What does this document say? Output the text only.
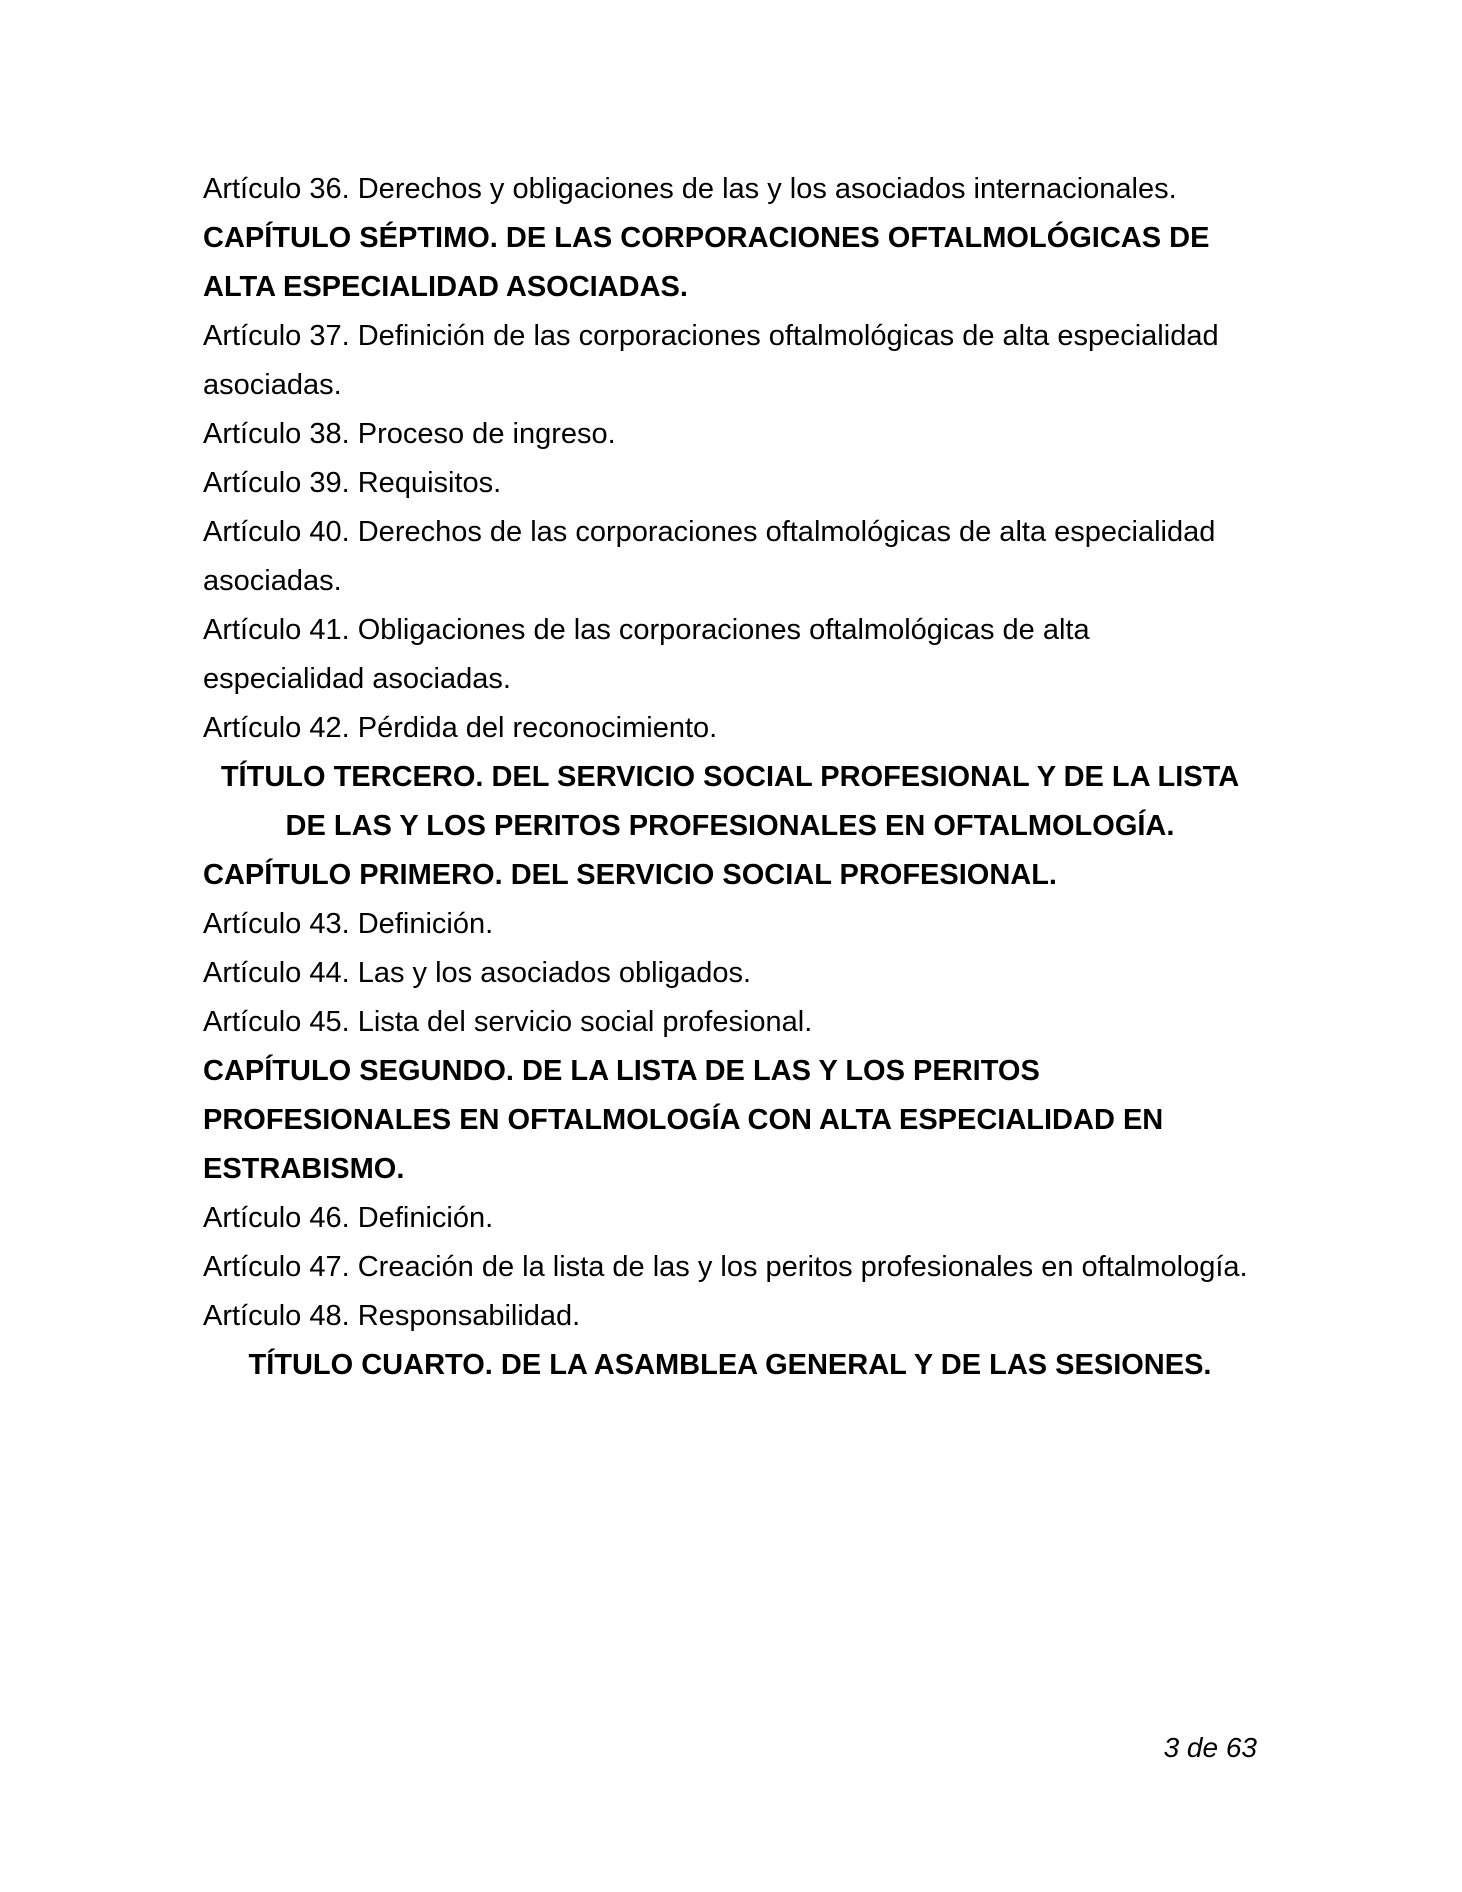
Artículo 36. Derechos y obligaciones de las y los asociados internacionales.

CAPÍTULO SÉPTIMO. DE LAS CORPORACIONES OFTALMOLÓGICAS DE ALTA ESPECIALIDAD ASOCIADAS.

Artículo 37. Definición de las corporaciones oftalmológicas de alta especialidad asociadas.

Artículo 38. Proceso de ingreso.

Artículo 39. Requisitos.

Artículo 40. Derechos de las corporaciones oftalmológicas de alta especialidad asociadas.

Artículo 41. Obligaciones de las corporaciones oftalmológicas de alta especialidad asociadas.

Artículo 42. Pérdida del reconocimiento.

TÍTULO TERCERO. DEL SERVICIO SOCIAL PROFESIONAL Y DE LA LISTA DE LAS Y LOS PERITOS PROFESIONALES EN OFTALMOLOGÍA.

CAPÍTULO PRIMERO. DEL SERVICIO SOCIAL PROFESIONAL.

Artículo 43. Definición.

Artículo 44. Las y los asociados obligados.

Artículo 45. Lista del servicio social profesional.

CAPÍTULO SEGUNDO. DE LA LISTA DE LAS Y LOS PERITOS PROFESIONALES EN OFTALMOLOGÍA CON ALTA ESPECIALIDAD EN ESTRABISMO.

Artículo 46. Definición.

Artículo 47. Creación de la lista de las y los peritos profesionales en oftalmología.

Artículo 48. Responsabilidad.

TÍTULO CUARTO. DE LA ASAMBLEA GENERAL Y DE LAS SESIONES.

3 de 63
